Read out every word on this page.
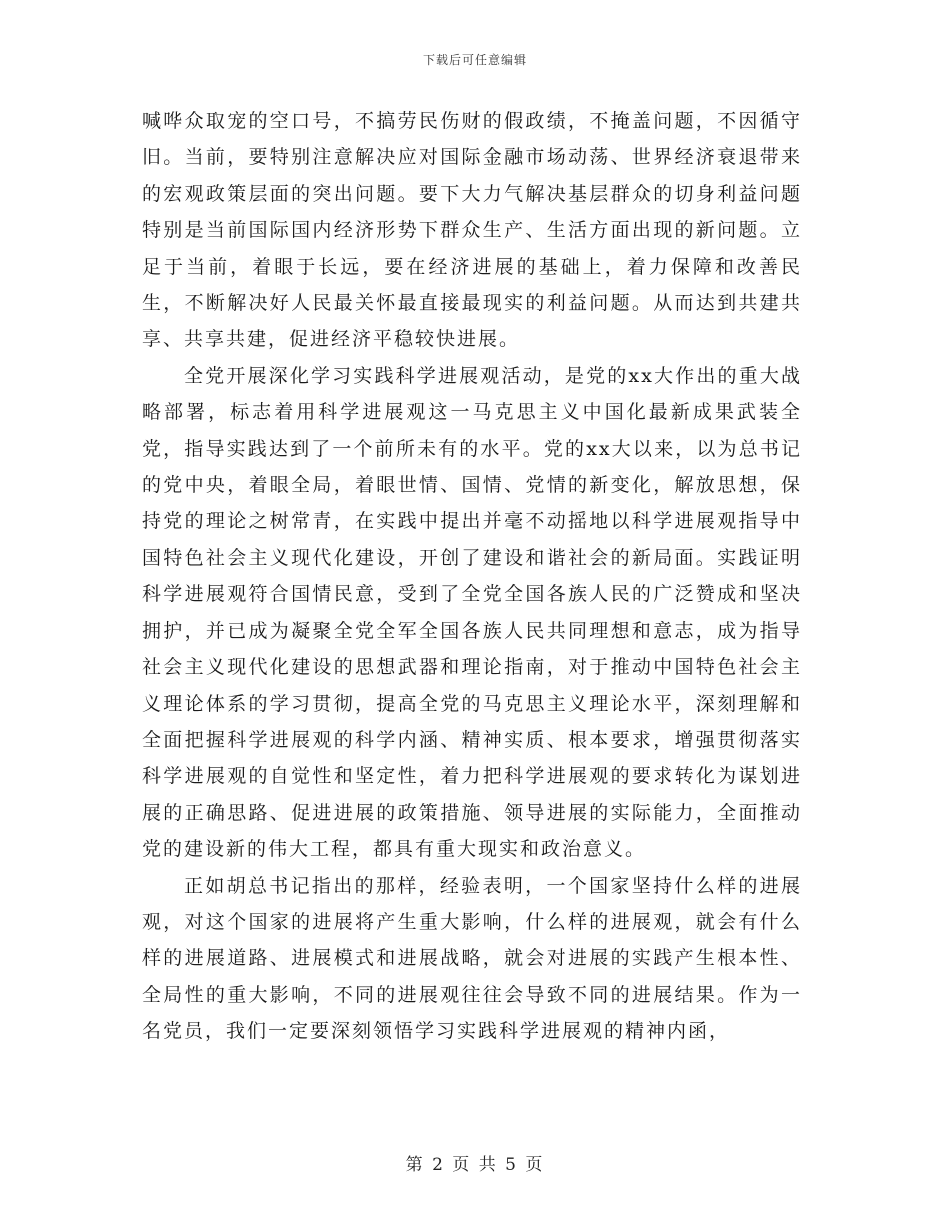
下载后可任意编辑

喊哗众取宠的空口号，不搞劳民伤财的假政绩，不掩盖问题，不因循守旧。当前，要特别注意解决应对国际金融市场动荡、世界经济衰退带来的宏观政策层面的突出问题。要下大力气解决基层群众的切身利益问题特别是当前国际国内经济形势下群众生产、生活方面出现的新问题。立足于当前，着眼于长远，要在经济进展的基础上，着力保障和改善民生，不断解决好人民最关怀最直接最现实的利益问题。从而达到共建共享、共享共建，促进经济平稳较快进展。

全党开展深化学习实践科学进展观活动，是党的xx大作出的重大战略部署，标志着用科学进展观这一马克思主义中国化最新成果武装全党，指导实践达到了一个前所未有的水平。党的xx大以来，以为总书记的党中央，着眼全局，着眼世情、国情、党情的新变化，解放思想，保持党的理论之树常青，在实践中提出并毫不动摇地以科学进展观指导中国特色社会主义现代化建设，开创了建设和谐社会的新局面。实践证明科学进展观符合国情民意，受到了全党全国各族人民的广泛赞成和坚决拥护，并已成为凝聚全党全军全国各族人民共同理想和意志，成为指导社会主义现代化建设的思想武器和理论指南，对于推动中国特色社会主义理论体系的学习贯彻，提高全党的马克思主义理论水平，深刻理解和全面把握科学进展观的科学内涵、精神实质、根本要求，增强贯彻落实科学进展观的自觉性和坚定性，着力把科学进展观的要求转化为谋划进展的正确思路、促进进展的政策措施、领导进展的实际能力，全面推动党的建设新的伟大工程，都具有重大现实和政治意义。

正如胡总书记指出的那样，经验表明，一个国家坚持什么样的进展观，对这个国家的进展将产生重大影响，什么样的进展观，就会有什么样的进展道路、进展模式和进展战略，就会对进展的实践产生根本性、全局性的重大影响，不同的进展观往往会导致不同的进展结果。作为一名党员，我们一定要深刻领悟学习实践科学进展观的精神内函，

第 2 页 共 5 页
